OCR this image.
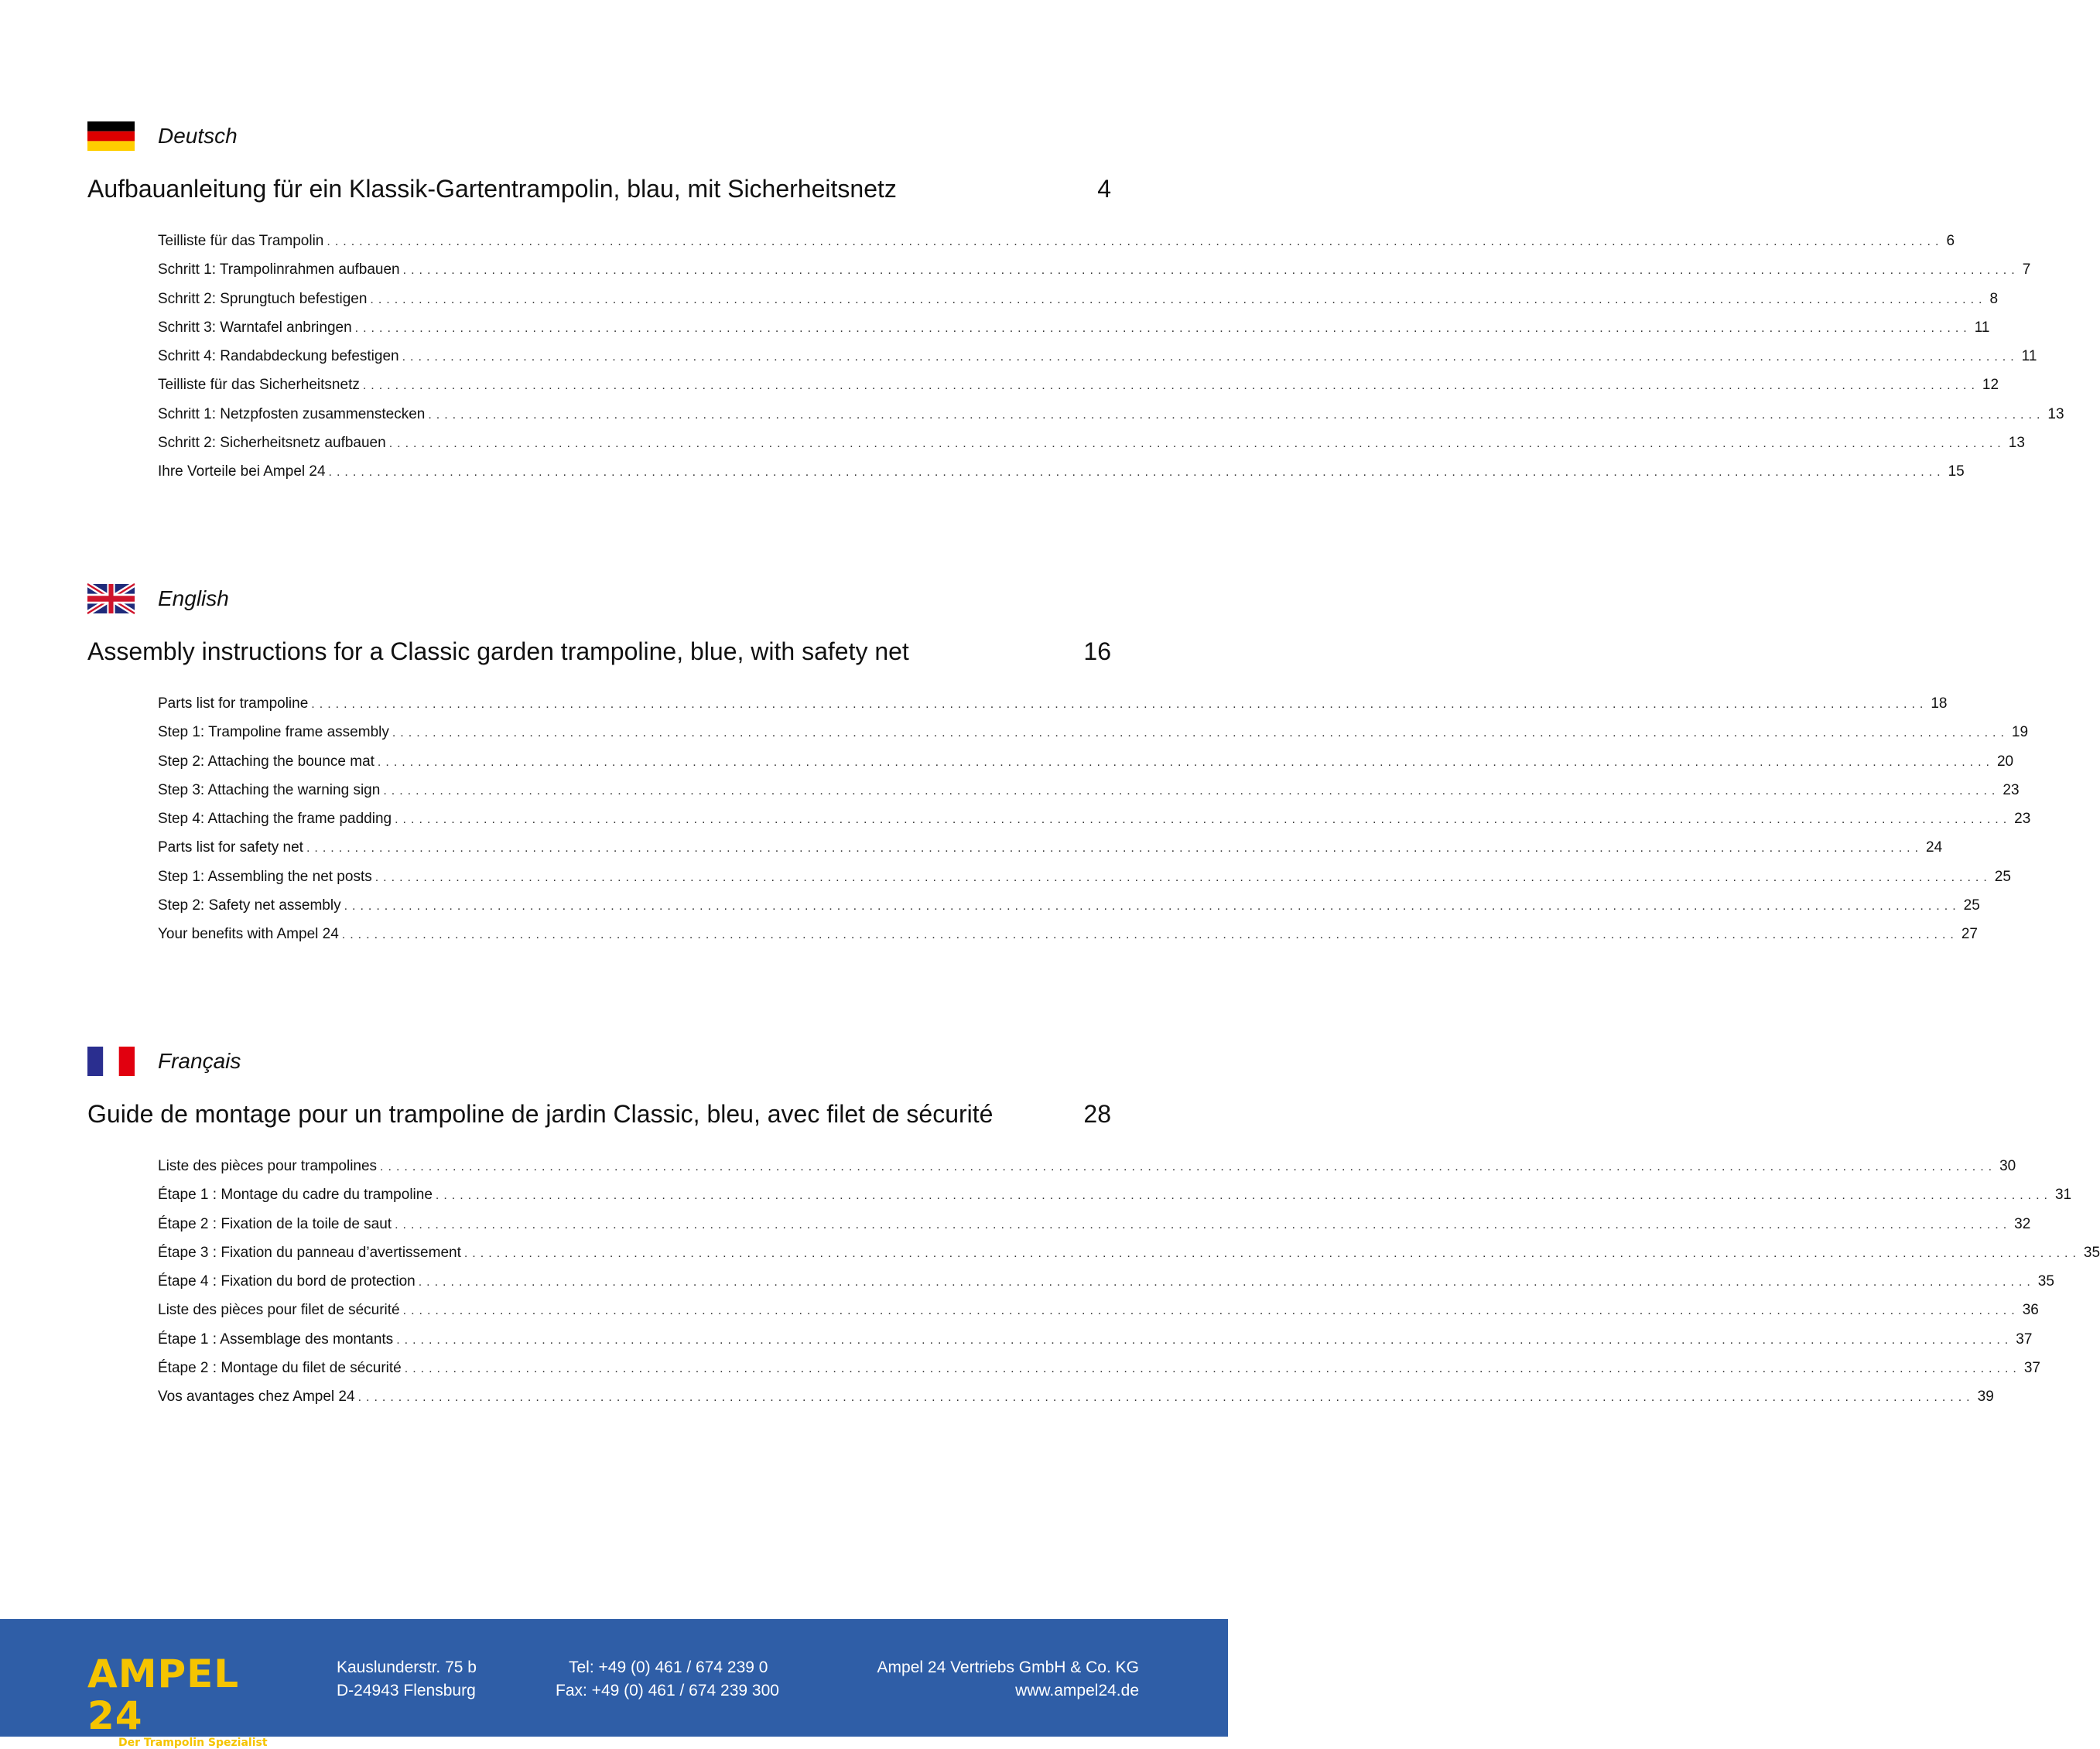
Deutsch
Aufbauanleitung für ein Klassik-Gartentrampolin, blau, mit Sicherheitsnetz	4
Teilliste für das Trampolin ........................................................................................................................................................................................................ 6
Schritt 1: Trampolinrahmen aufbauen ........................................................................................................................................................................................................ 7
Schritt 2: Sprungtuch befestigen ........................................................................................................................................................................................................ 8
Schritt 3: Warntafel anbringen ........................................................................................................................................................................................................ 11
Schritt 4: Randabdeckung befestigen ........................................................................................................................................................................................................ 11
Teilliste für das Sicherheitsnetz ........................................................................................................................................................................................................ 12
Schritt 1: Netzpfosten zusammenstecken ........................................................................................................................................................................................................ 13
Schritt 2: Sicherheitsnetz aufbauen ........................................................................................................................................................................................................ 13
Ihre Vorteile bei Ampel 24 ........................................................................................................................................................................................................ 15
English
Assembly instructions for a Classic garden trampoline, blue, with safety net	16
Parts list for trampoline ........................................................................................................................................................................................................ 18
Step 1: Trampoline frame assembly ........................................................................................................................................................................................................ 19
Step 2: Attaching the bounce mat ........................................................................................................................................................................................................ 20
Step 3: Attaching the warning sign ........................................................................................................................................................................................................ 23
Step 4: Attaching the frame padding ........................................................................................................................................................................................................ 23
Parts list for safety net ........................................................................................................................................................................................................ 24
Step 1: Assembling the net posts ........................................................................................................................................................................................................ 25
Step 2: Safety net assembly ........................................................................................................................................................................................................ 25
Your benefits with Ampel 24 ........................................................................................................................................................................................................ 27
Français
Guide de montage pour un trampoline de jardin Classic, bleu, avec filet de sécurité	28
Liste des pièces pour trampolines ........................................................................................................................................................................................................ 30
Étape 1 : Montage du cadre du trampoline ........................................................................................................................................................................................................ 31
Étape 2 : Fixation de la toile de saut ........................................................................................................................................................................................................ 32
Étape 3 : Fixation du panneau d’avertissement ........................................................................................................................................................................................................ 35
Étape 4 : Fixation du bord de protection ........................................................................................................................................................................................................ 35
Liste des pièces pour filet de sécurité ........................................................................................................................................................................................................ 36
Étape 1 : Assemblage des montants ........................................................................................................................................................................................................ 37
Étape 2 : Montage du filet de sécurité ........................................................................................................................................................................................................ 37
Vos avantages chez Ampel 24 ........................................................................................................................................................................................................ 39
AMPEL 24
Der Trampolin Spezialist
Kauslunderstr. 75 b
D-24943 Flensburg
Tel: +49 (0) 461 / 674 239 0
Fax: +49 (0) 461 / 674 239 300
Ampel 24 Vertriebs GmbH & Co. KG
www.ampel24.de
